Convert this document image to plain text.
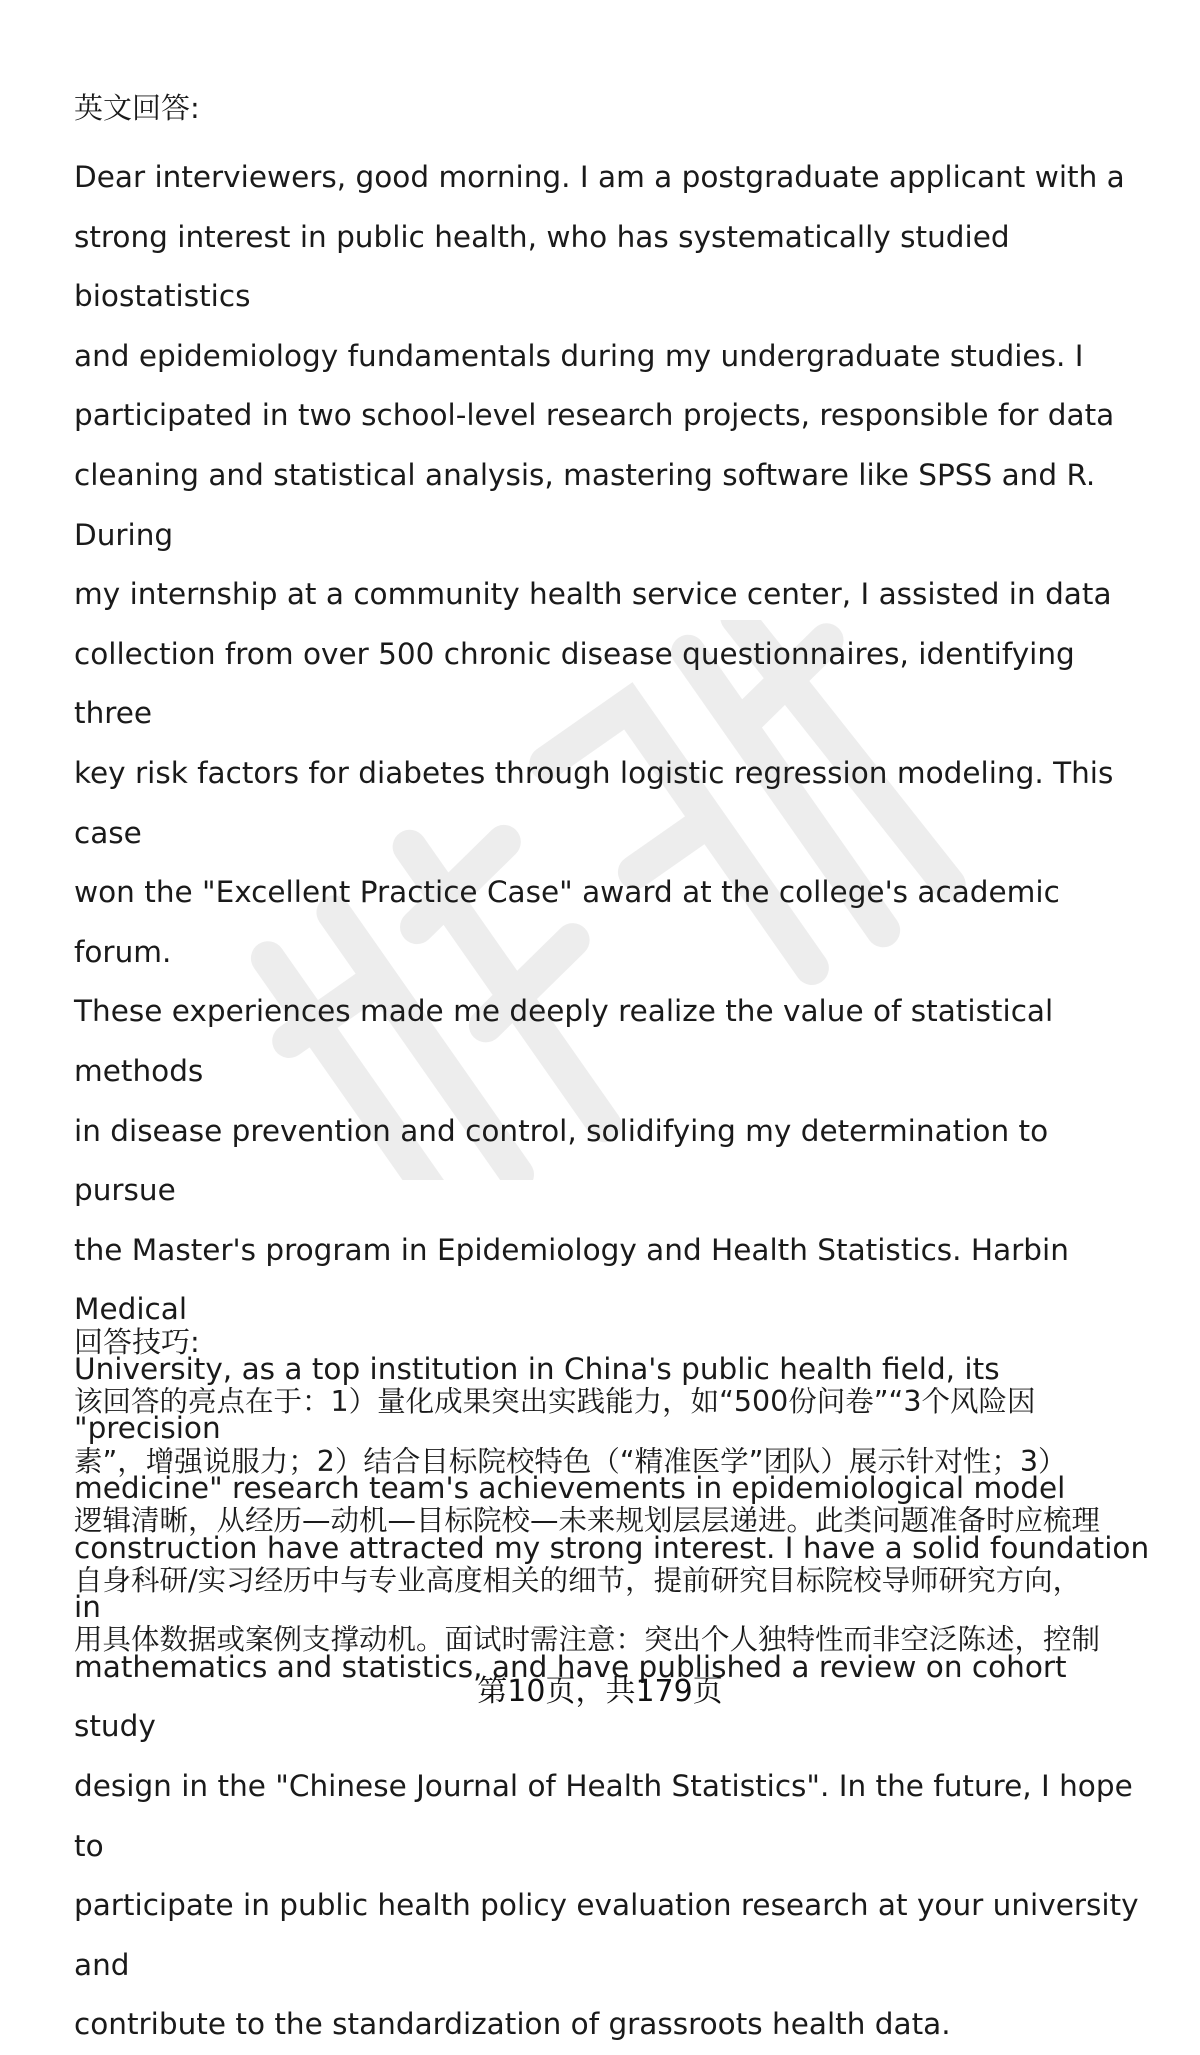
英文回答:
Dear interviewers, good morning. I am a postgraduate applicant with a
strong interest in public health, who has systematically studied biostatistics
and epidemiology fundamentals during my undergraduate studies. I
participated in two school-level research projects, responsible for data
cleaning and statistical analysis, mastering software like SPSS and R. During
my internship at a community health service center, I assisted in data
collection from over 500 chronic disease questionnaires, identifying three
key risk factors for diabetes through logistic regression modeling. This case
won the "Excellent Practice Case" award at the college's academic forum.
These experiences made me deeply realize the value of statistical methods
in disease prevention and control, solidifying my determination to pursue
the Master's program in Epidemiology and Health Statistics. Harbin Medical
University, as a top institution in China's public health field, its "precision
medicine" research team's achievements in epidemiological model
construction have attracted my strong interest. I have a solid foundation in
mathematics and statistics, and have published a review on cohort study
design in the "Chinese Journal of Health Statistics". In the future, I hope to
participate in public health policy evaluation research at your university and
contribute to the standardization of grassroots health data.
回答技巧:
该回答的亮点在于：1）量化成果突出实践能力，如“500份问卷”“3个风险因
素”，增强说服力；2）结合目标院校特色（“精准医学”团队）展示针对性；3）
逻辑清晰，从经历—动机—目标院校—未来规划层层递进。此类问题准备时应梳理
自身科研/实习经历中与专业高度相关的细节，提前研究目标院校导师研究方向，
用具体数据或案例支撑动机。面试时需注意：突出个人独特性而非空泛陈述，控制
第10页，共179页
